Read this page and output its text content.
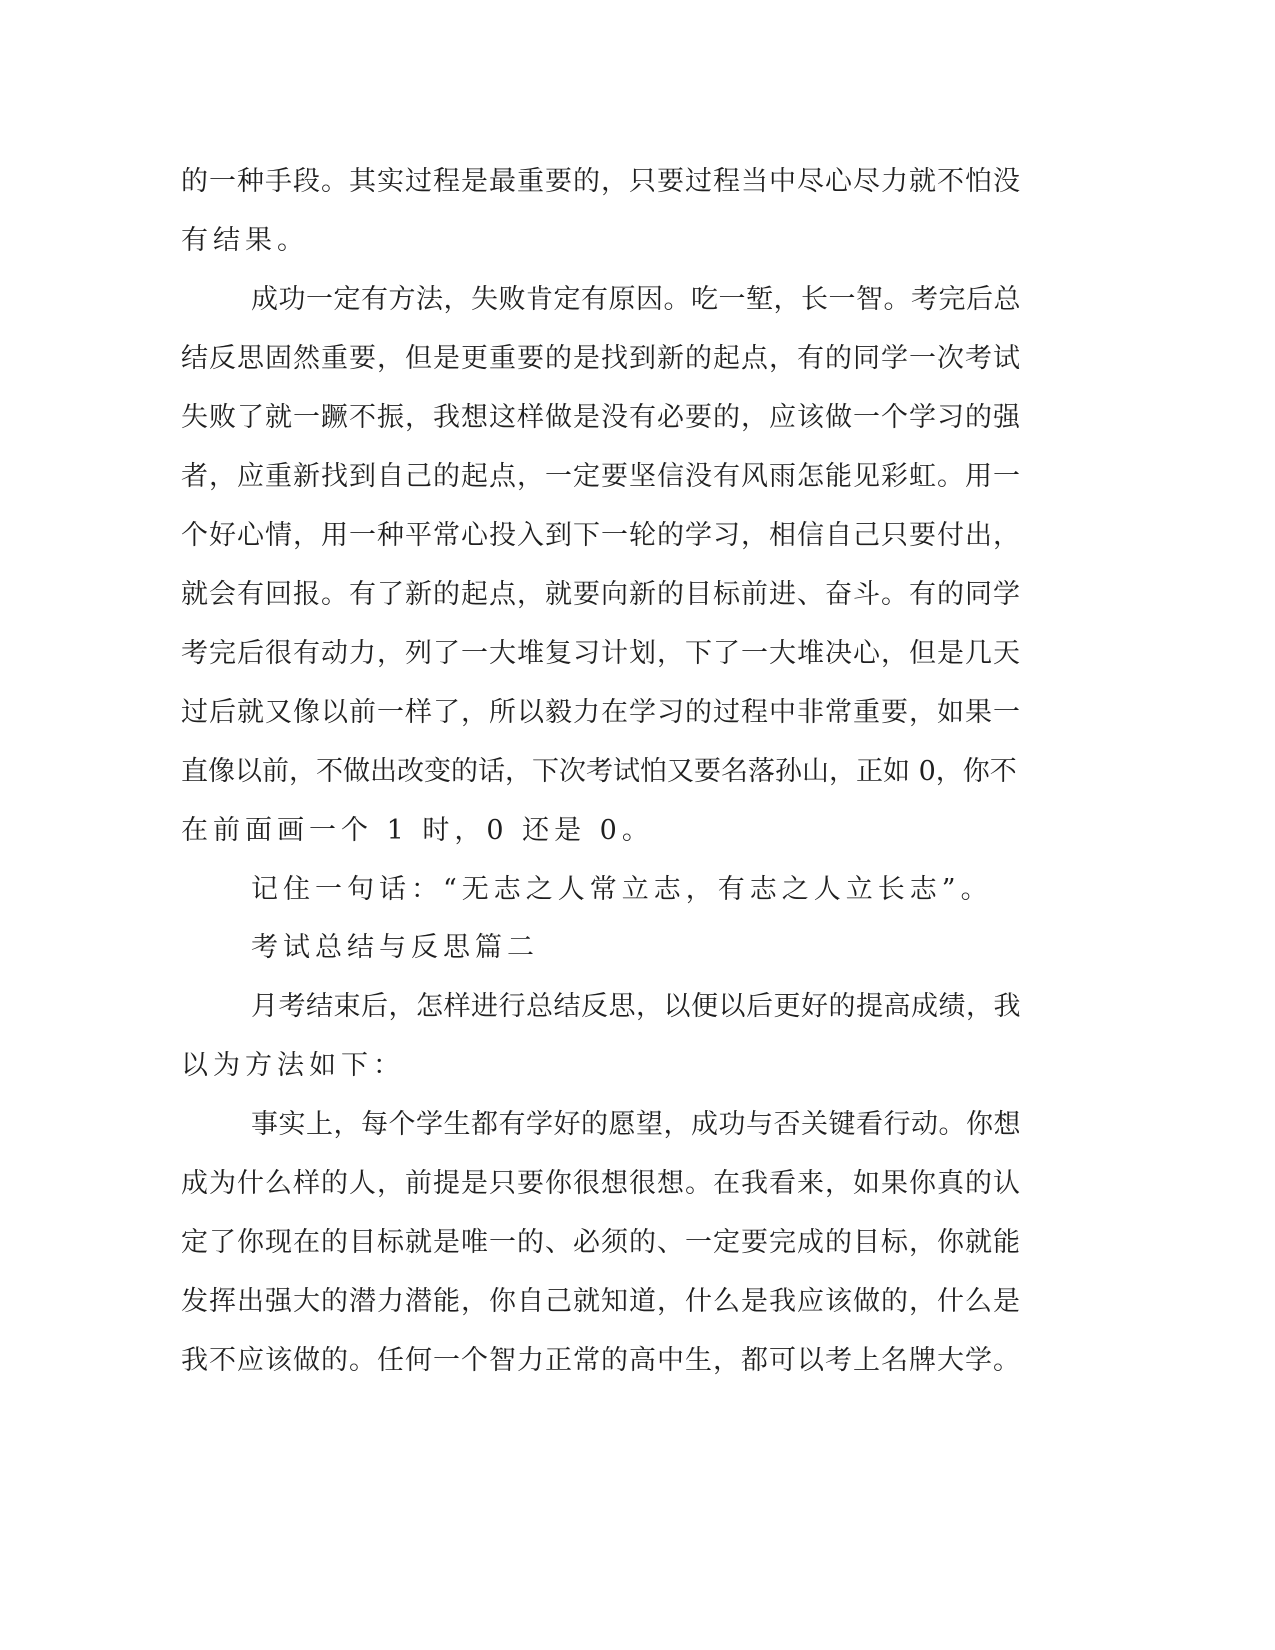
的一种手段。其实过程是最重要的，只要过程当中尽心尽力就不怕没

有结果。

成功一定有方法，失败肯定有原因。吃一堑，长一智。考完后总

结反思固然重要，但是更重要的是找到新的起点，有的同学一次考试

失败了就一蹶不振，我想这样做是没有必要的，应该做一个学习的强

者，应重新找到自己的起点，一定要坚信没有风雨怎能见彩虹。用一

个好心情，用一种平常心投入到下一轮的学习，相信自己只要付出，

就会有回报。有了新的起点，就要向新的目标前进、奋斗。有的同学

考完后很有动力，列了一大堆复习计划，下了一大堆决心，但是几天

过后就又像以前一样了，所以毅力在学习的过程中非常重要，如果一

直像以前，不做出改变的话，下次考试怕又要名落孙山，正如 0，你不

在前面画一个 1 时，0 还是 0。

记住一句话：“无志之人常立志，有志之人立长志”。

考试总结与反思篇二

月考结束后，怎样进行总结反思，以便以后更好的提高成绩，我

以为方法如下：

事实上，每个学生都有学好的愿望，成功与否关键看行动。你想

成为什么样的人，前提是只要你很想很想。在我看来，如果你真的认

定了你现在的目标就是唯一的、必须的、一定要完成的目标，你就能

发挥出强大的潜力潜能，你自己就知道，什么是我应该做的，什么是

我不应该做的。任何一个智力正常的高中生，都可以考上名牌大学。
